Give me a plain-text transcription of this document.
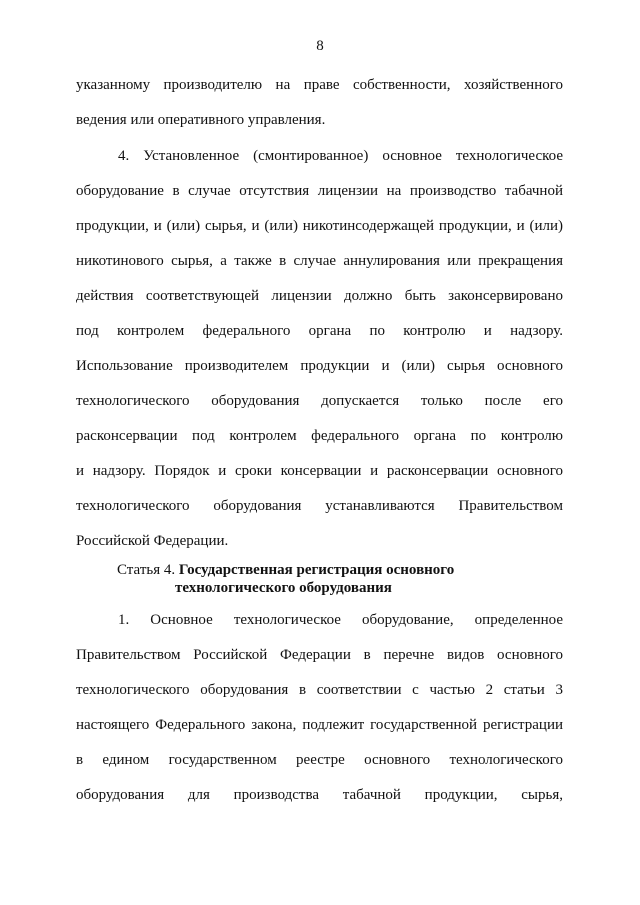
8
указанному производителю на праве собственности, хозяйственного
ведения или оперативного управления.
4. Установленное (смонтированное) основное технологическое
оборудование в случае отсутствия лицензии на производство табачной
продукции, и (или) сырья, и (или) никотинсодержащей продукции, и (или)
никотинового сырья, а также в случае аннулирования или прекращения
действия соответствующей лицензии должно быть законсервировано
под контролем федерального органа по контролю и надзору.
Использование производителем продукции и (или) сырья основного
технологического оборудования допускается только после его
расконсервации под контролем федерального органа по контролю
и надзору. Порядок и сроки консервации и расконсервации основного
технологического оборудования устанавливаются Правительством
Российской Федерации.
Статья 4. Государственная регистрация основного
технологического оборудования
1. Основное технологическое оборудование, определенное
Правительством Российской Федерации в перечне видов основного
технологического оборудования в соответствии с частью 2 статьи 3
настоящего Федерального закона, подлежит государственной регистрации
в едином государственном реестре основного технологического
оборудования для производства табачной продукции, сырья,
